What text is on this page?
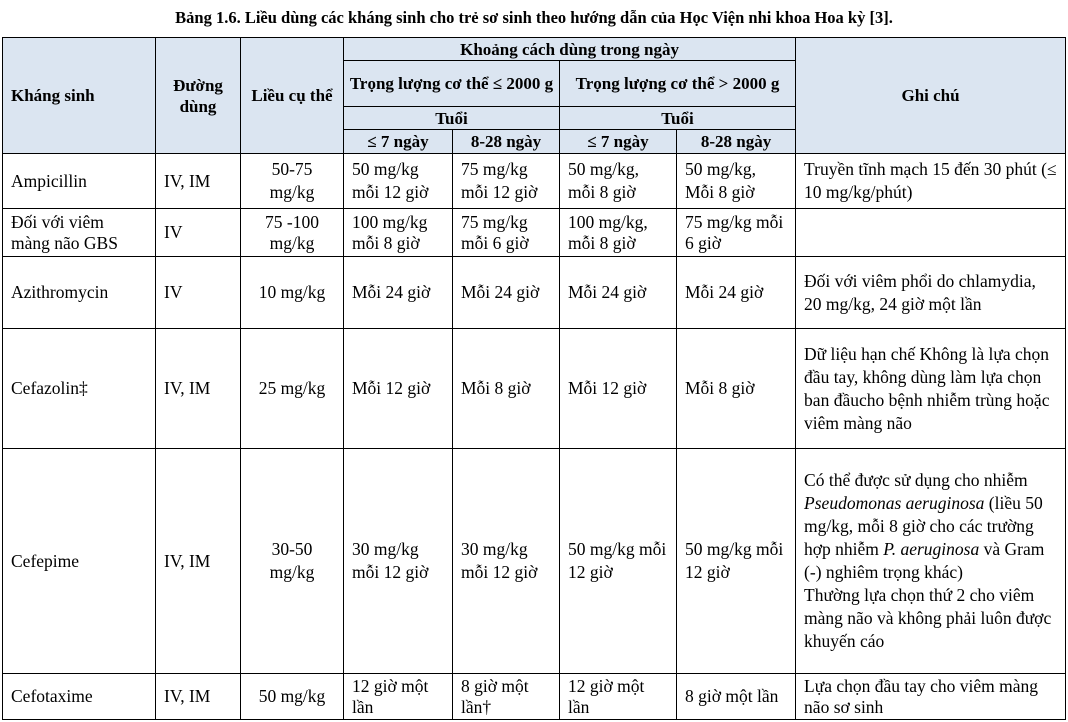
Bảng 1.6. Liều dùng các kháng sinh cho trẻ sơ sinh theo hướng dẫn của Học Viện nhi khoa Hoa kỳ [3].
Kháng sinh	Đường dùng	Liều cụ thể	Khoảng cách dùng trong ngày				Ghi chú
			Trọng lượng cơ thể ≤ 2000 g		Trọng lượng cơ thể > 2000 g		
			Tuổi		Tuổi		
			≤ 7 ngày	8-28 ngày	≤ 7 ngày	8-28 ngày	
Ampicillin	IV, IM	50-75 mg/kg	50 mg/kg mỗi 12 giờ	75 mg/kg mỗi 12 giờ	50 mg/kg, mỗi 8 giờ	50 mg/kg, Mỗi 8 giờ	Truyền tĩnh mạch 15 đến 30 phút (≤ 10 mg/kg/phút)
Đối với viêm màng não GBS	IV	75 -100 mg/kg	100 mg/kg mỗi 8 giờ	75 mg/kg mỗi 6 giờ	100 mg/kg, mỗi 8 giờ	75 mg/kg mỗi 6 giờ	
Azithromycin	IV	10 mg/kg	Mỗi 24 giờ	Mỗi 24 giờ	Mỗi 24 giờ	Mỗi 24 giờ	Đối với viêm phổi do chlamydia, 20 mg/kg, 24 giờ một lần
Cefazolin‡	IV, IM	25 mg/kg	Mỗi 12 giờ	Mỗi 8 giờ	Mỗi 12 giờ	Mỗi 8 giờ	Dữ liệu hạn chế Không là lựa chọn đầu tay, không dùng làm lựa chọn ban đầucho bệnh nhiễm trùng hoặc viêm màng não
Cefepime	IV, IM	30-50 mg/kg	30 mg/kg mỗi 12 giờ	30 mg/kg mỗi 12 giờ	50 mg/kg mỗi 12 giờ	50 mg/kg mỗi 12 giờ	Có thể được sử dụng cho nhiễm Pseudomonas aeruginosa (liều 50 mg/kg, mỗi 8 giờ cho các trường hợp nhiễm P. aeruginosa và Gram (-) nghiêm trọng khác)
Thường lựa chọn thứ 2 cho viêm màng não và không phải luôn được khuyến cáo
Cefotaxime	IV, IM	50 mg/kg	12 giờ một lần	8 giờ một lần†	12 giờ một lần	8 giờ một lần	Lựa chọn đầu tay cho viêm màng não sơ sinh
